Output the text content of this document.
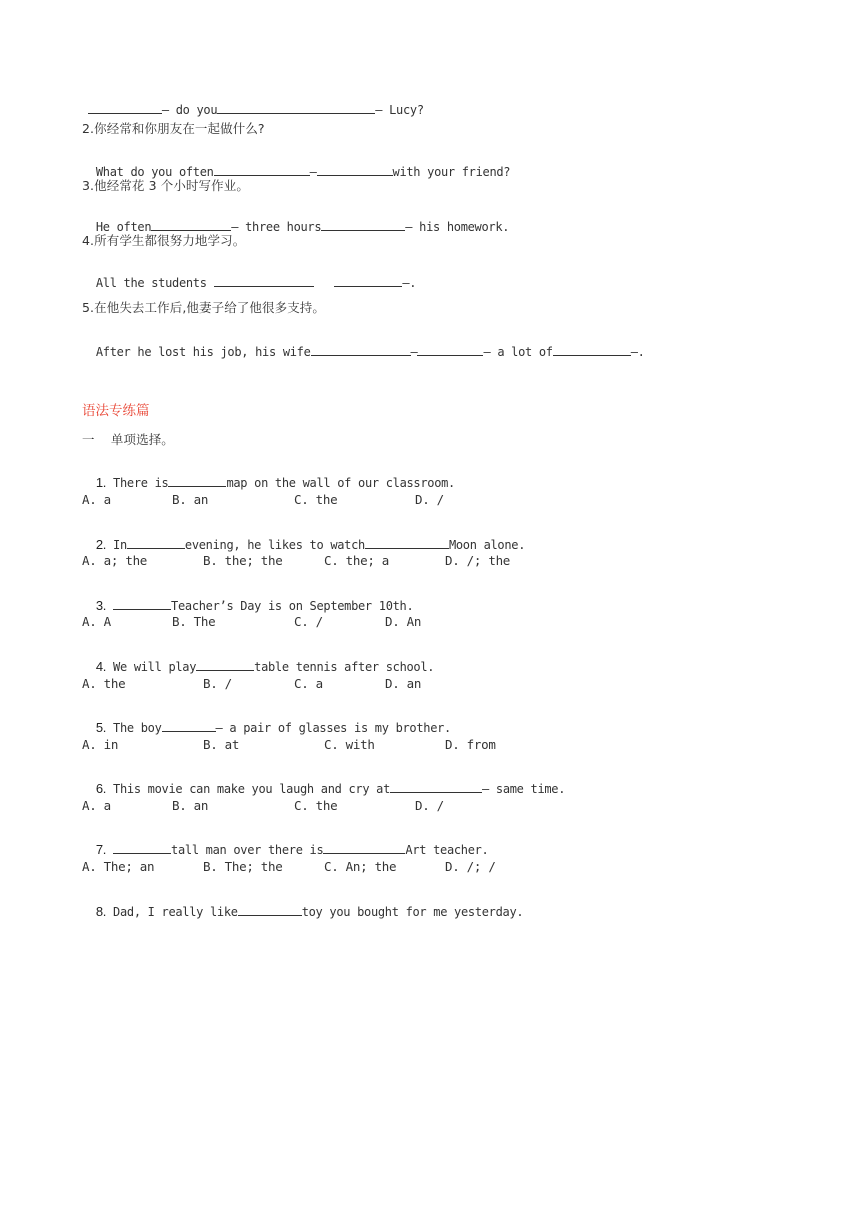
— do you	— Lucy?

2.你经常和你朋友在一起做什么?

What do you often	—	with your friend?

3.他经常花 3 个小时写作业。

He often	— three hours	— his homework.

4.所有学生都很努力地学习。

All the students	—.

5.在他失去工作后,他妻子给了他很多支持。

After he lost his job, his wife	—	— a lot of	—.

语法专练篇
一    单项选择。

1. There is	map on the wall of our classroom.

A. a	B. an	C. the	D. /

2. In	evening, he likes to watch	Moon alone.

A. a; the	B. the; the	C. the; a	D. /; the

3.	Teacher’s Day is on September 10th.

A. A	B. The	C. /	D. An

4. We will play	table tennis after school.

A. the	B. /	C. a	D. an

5. The boy	— a pair of glasses is my brother.

A. in	B. at	C. with	D. from

6. This movie can make you laugh and cry at	— same time.

A. a	B. an	C. the	D. /

7.	tall man over there is	Art teacher.

A. The; an	B. The; the	C. An; the	D. /; /

8. Dad, I really like	toy you bought for me yesterday.
